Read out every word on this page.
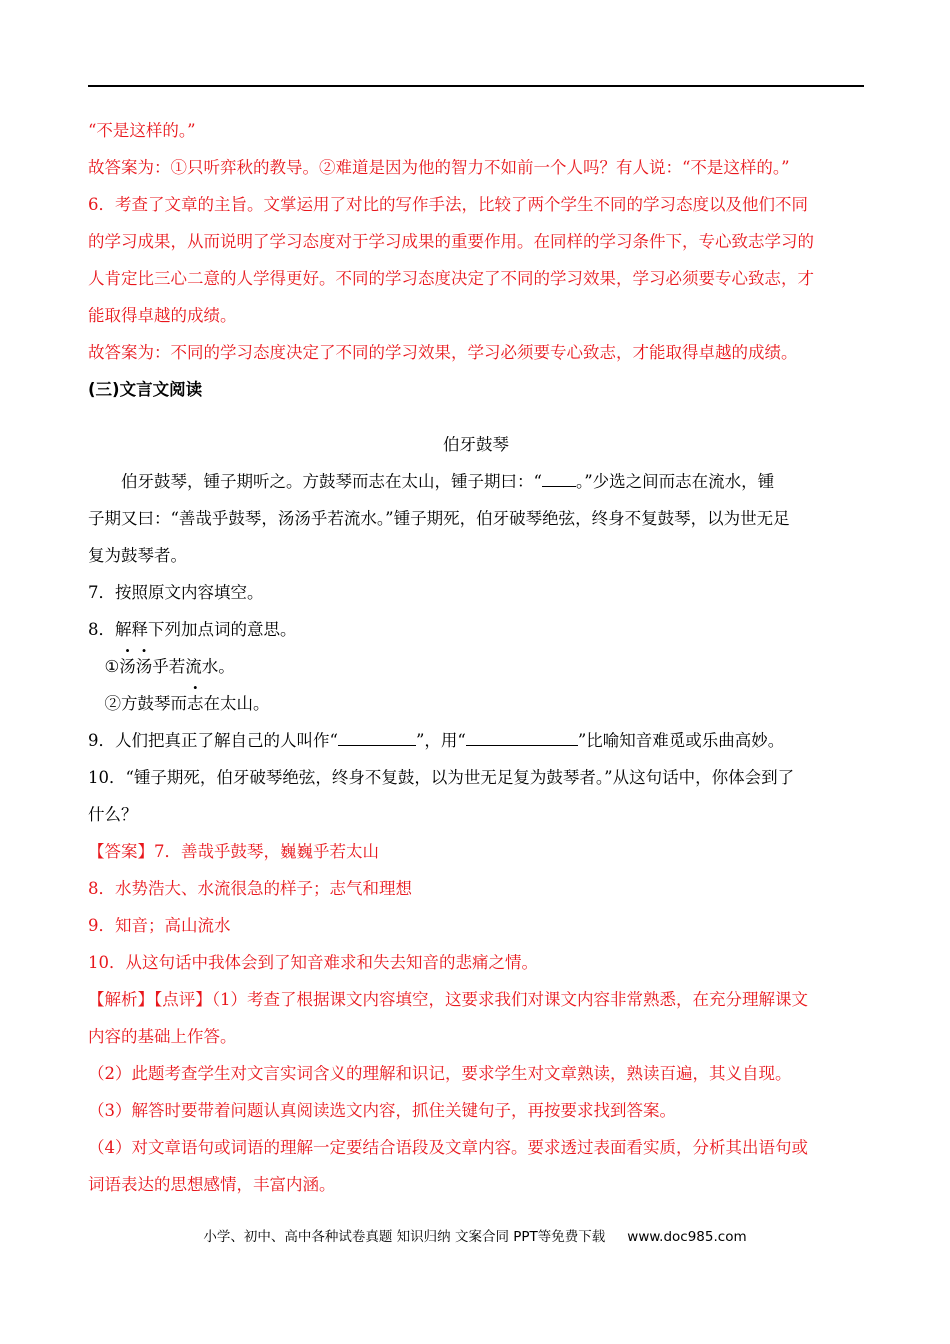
“不是这样的。”
故答案为：①只听弈秋的教导。②难道是因为他的智力不如前一个人吗？有人说：“不是这样的。”
6．考查了文章的主旨。文掌运用了对比的写作手法，比较了两个学生不同的学习态度以及他们不同
的学习成果，从而说明了学习态度对于学习成果的重要作用。在同样的学习条件下，专心致志学习的
人肯定比三心二意的人学得更好。不同的学习态度决定了不同的学习效果，学习必须要专心致志，才
能取得卓越的成绩。
故答案为：不同的学习态度决定了不同的学习效果，学习必须要专心致志，才能取得卓越的成绩。
(三)文言文阅读
伯牙鼓琴
伯牙鼓琴，锺子期听之。方鼓琴而志在太山，锺子期曰：“ 。”少选之间而志在流水，锺
子期又曰：“善哉乎鼓琴，汤汤乎若流水。”锺子期死，伯牙破琴绝弦，终身不复鼓琴，以为世无足
复为鼓琴者。
7．按照原文内容填空。
8．解释下列加点词的意思。
①汤汤乎若流水。
②方鼓琴而志在太山。
9．人们把真正了解自己的人叫作“	”，用“	”比喻知音难觅或乐曲高妙。
10．“锺子期死，伯牙破琴绝弦，终身不复鼓，以为世无足复为鼓琴者。”从这句话中，你体会到了
什么？
【答案】7．善哉乎鼓琴，巍巍乎若太山
8．水势浩大、水流很急的样子；志气和理想
9．知音；高山流水
10．从这句话中我体会到了知音难求和失去知音的悲痛之情。
【解析】【点评】（1）考查了根据课文内容填空，这要求我们对课文内容非常熟悉，在充分理解课文
内容的基础上作答。
（2）此题考查学生对文言实词含义的理解和识记，要求学生对文章熟读，熟读百遍，其义自现。
（3）解答时要带着问题认真阅读选文内容，抓住关键句子，再按要求找到答案。
（4）对文章语句或词语的理解一定要结合语段及文章内容。要求透过表面看实质，分析其出语句或
词语表达的思想感情，丰富内涵。
小学、初中、高中各种试卷真题 知识归纳 文案合同 PPT等免费下载 www.doc985.com
